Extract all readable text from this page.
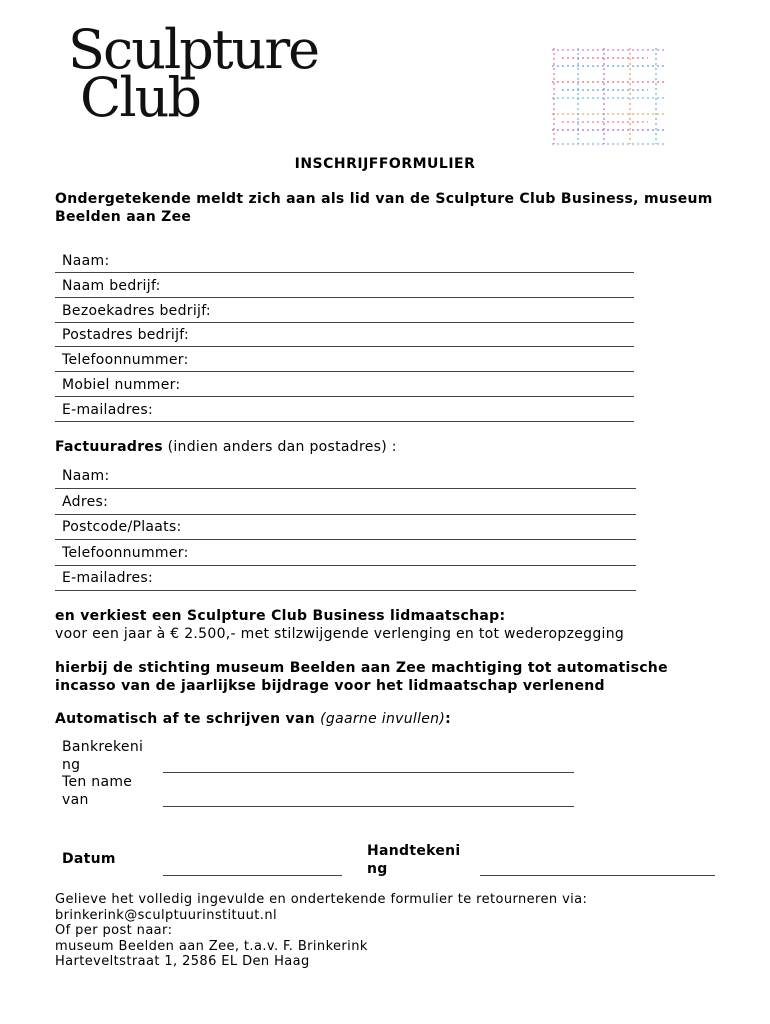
Sculpture
Club
INSCHRIJFFORMULIER
Ondergetekende meldt zich aan als lid van de Sculpture Club Business, museum Beelden aan Zee
Naam:
Naam bedrijf:
Bezoekadres bedrijf:
Postadres bedrijf:
Telefoonnummer:
Mobiel nummer:
E-mailadres:
Factuuradres (indien anders dan postadres) :
Naam:
Adres:
Postcode/Plaats:
Telefoonnummer:
E-mailadres:
en verkiest een Sculpture Club Business lidmaatschap:
voor een jaar à € 2.500,- met stilzwijgende verlenging en tot wederopzegging
hierbij de stichting museum Beelden aan Zee machtiging tot automatische incasso van de jaarlijkse bijdrage voor het lidmaatschap verlenend
Automatisch af te schrijven van (gaarne invullen):
Bankrekeni ng
Ten name van
Datum	Handtekeni ng
Gelieve het volledig ingevulde en ondertekende formulier te retourneren via:
brinkerink@sculptuurinstituut.nl
Of per post naar:
museum Beelden aan Zee, t.a.v. F. Brinkerink
Harteveltstraat 1, 2586 EL Den Haag
